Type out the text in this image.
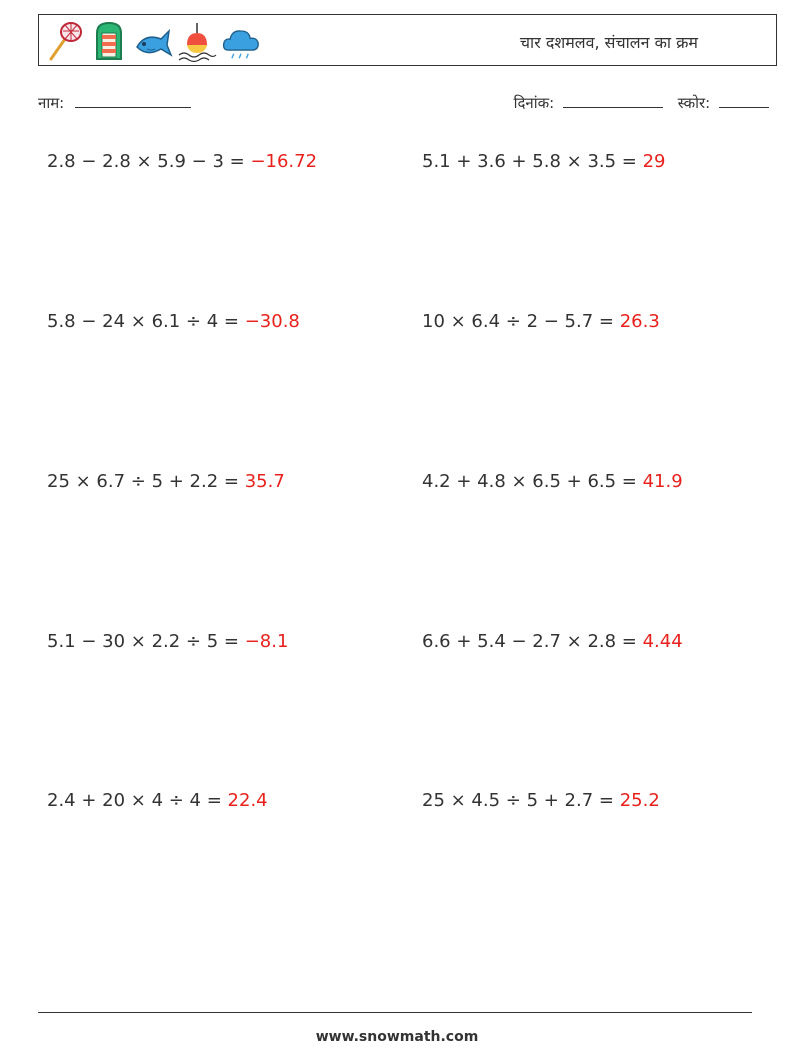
चार दशमलव, संचालन का क्रम
नाम:	दिनांक:	स्कोर:
2.8 − 2.8 × 5.9 − 3 = −16.72	5.1 + 3.6 + 5.8 × 3.5 = 29
5.8 − 24 × 6.1 ÷ 4 = −30.8	10 × 6.4 ÷ 2 − 5.7 = 26.3
25 × 6.7 ÷ 5 + 2.2 = 35.7	4.2 + 4.8 × 6.5 + 6.5 = 41.9
5.1 − 30 × 2.2 ÷ 5 = −8.1	6.6 + 5.4 − 2.7 × 2.8 = 4.44
2.4 + 20 × 4 ÷ 4 = 22.4	25 × 4.5 ÷ 5 + 2.7 = 25.2
www.snowmath.com
